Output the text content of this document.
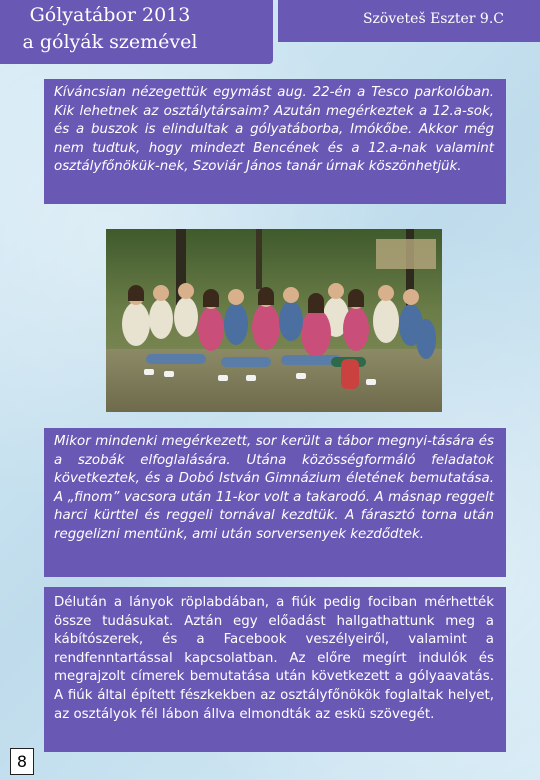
Gólyatábor 2013
a gólyák szemével
Szöveteš Eszter 9.C

Kíváncsian nézegettük egymást aug. 22-én a Tesco parkolóban. Kik lehetnek az osztálytársaim? Azután megérkeztek a 12.a-sok, és a buszok is elindultak a gólyatáborba, Imókőbe. Akkor még nem tudtuk, hogy mindezt Bencének és a 12.a-nak valamint osztályfőnökük-nek, Szoviár János tanár úrnak köszönhetjük.

Mikor mindenki megérkezett, sor került a tábor megnyi-tására és a szobák elfoglalására. Utána közösségformáló feladatok következtek, és a Dobó István Gimnázium életének bemutatása. A „finom” vacsora után 11-kor volt a takarodó. A másnap reggelt harci kürttel és reggeli tornával kezdtük. A fárasztó torna után reggelizni mentünk, ami után sorversenyek kezdődtek.

Délután a lányok röplabdában, a fiúk pedig fociban mérhették össze tudásukat. Aztán egy előadást hallgathattunk meg a kábítószerek, és a Facebook veszélyeiről, valamint a rendfenntartással kapcsolatban. Az előre megírt indulók és megrajzolt címerek bemutatása után következett a gólyaavatás. A fiúk által épített fészkekben az osztályfőnökök foglaltak helyet, az osztályok fél lábon állva elmondták az eskü szövegét.

8
